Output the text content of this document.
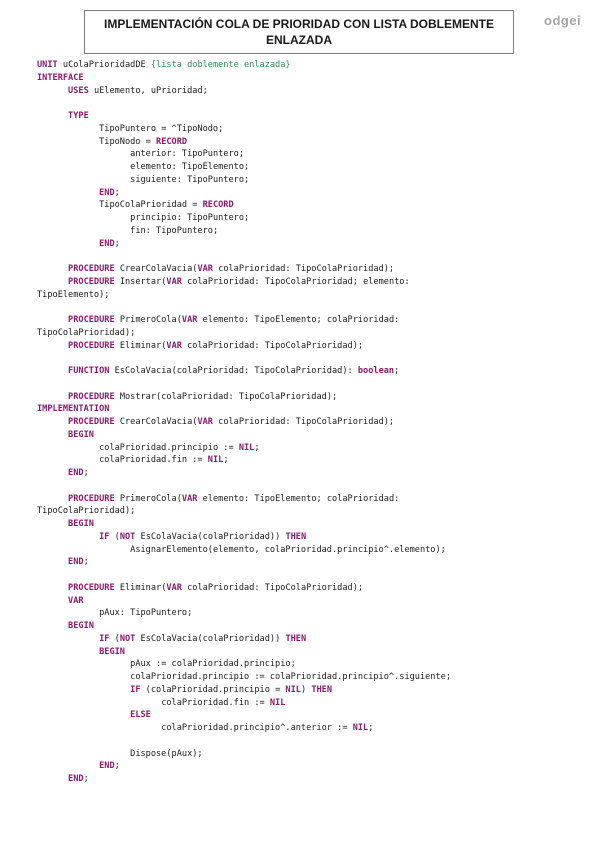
IMPLEMENTACIÓN COLA DE PRIORIDAD CON LISTA DOBLEMENTE ENLAZADA
odgei
UNIT uColaPrioridadDE {lista doblemente enlazada}
INTERFACE
USES uElemento, uPrioridad;
TYPE
TipoPuntero = ^TipoNodo;
TipoNodo = RECORD
anterior: TipoPuntero;
elemento: TipoElemento;
siguiente: TipoPuntero;
END;
TipoColaPrioridad = RECORD
principio: TipoPuntero;
fin: TipoPuntero;
END;
PROCEDURE CrearColaVacia(VAR colaPrioridad: TipoColaPrioridad);
PROCEDURE Insertar(VAR colaPrioridad: TipoColaPrioridad; elemento:
TipoElemento);
PROCEDURE PrimeroCola(VAR elemento: TipoElemento; colaPrioridad:
TipoColaPrioridad);
PROCEDURE Eliminar(VAR colaPrioridad: TipoColaPrioridad);
FUNCTION EsColaVacia(colaPrioridad: TipoColaPrioridad): boolean;
PROCEDURE Mostrar(colaPrioridad: TipoColaPrioridad);
IMPLEMENTATION
PROCEDURE CrearColaVacia(VAR colaPrioridad: TipoColaPrioridad);
BEGIN
colaPrioridad.principio := NIL;
colaPrioridad.fin := NIL;
END;
PROCEDURE PrimeroCola(VAR elemento: TipoElemento; colaPrioridad:
TipoColaPrioridad);
BEGIN
IF (NOT EsColaVacia(colaPrioridad)) THEN
AsignarElemento(elemento, colaPrioridad.principio^.elemento);
END;
PROCEDURE Eliminar(VAR colaPrioridad: TipoColaPrioridad);
VAR
pAux: TipoPuntero;
BEGIN
IF (NOT EsColaVacia(colaPrioridad)) THEN
BEGIN
pAux := colaPrioridad.principio;
colaPrioridad.principio := colaPrioridad.principio^.siguiente;
IF (colaPrioridad.principio = NIL) THEN
colaPrioridad.fin := NIL
ELSE
colaPrioridad.principio^.anterior := NIL;
Dispose(pAux);
END;
END;
